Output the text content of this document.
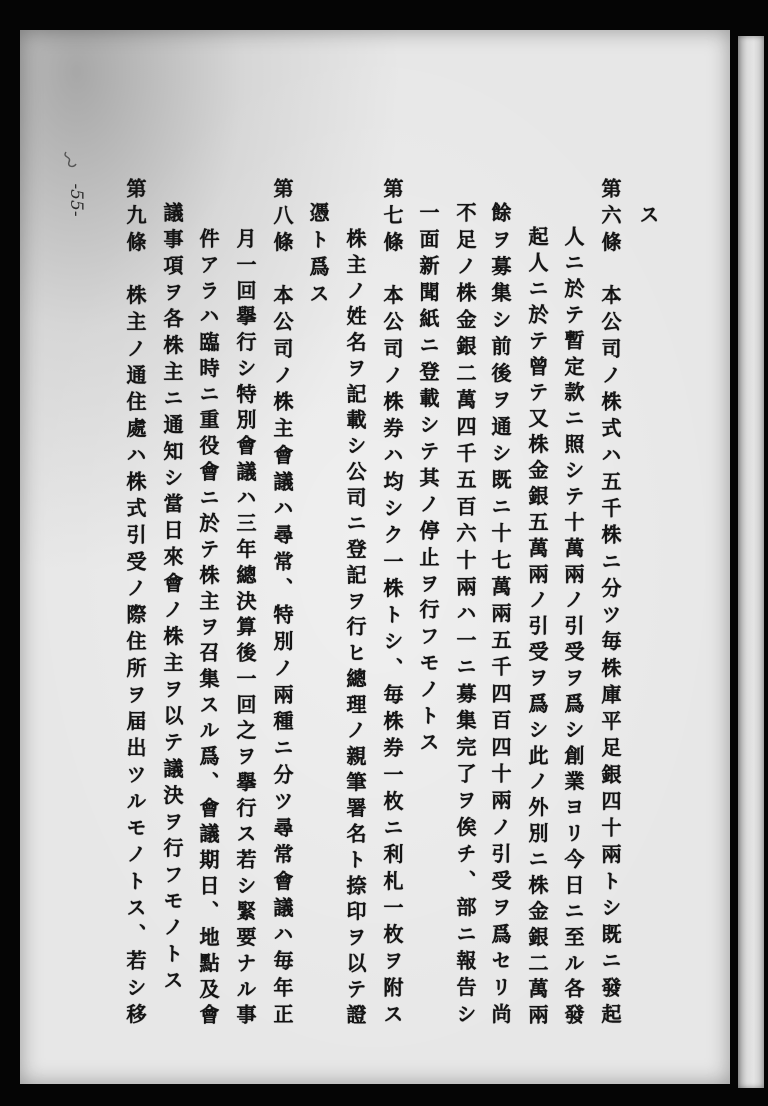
-55-	ス
第六條　本公司ノ株式ハ五千株ニ分ツ毎株庫平足銀四十兩トシ既ニ發起
人ニ於テ暫定款ニ照シテ十萬兩ノ引受ヲ爲シ創業ヨリ今日ニ至ル各發
起人ニ於テ曾テ又株金銀五萬兩ノ引受ヲ爲シ此ノ外別ニ株金銀二萬兩
餘ヲ募集シ前後ヲ通シ既ニ十七萬兩五千四百四十兩ノ引受ヲ爲セリ尚
不足ノ株金銀二萬四千五百六十兩ハ一ニ募集完了ヲ俟チ、部ニ報告シ
一面新聞紙ニ登載シテ其ノ停止ヲ行フモノトス
第七條　本公司ノ株券ハ均シク一株トシ、毎株券一枚ニ利札一枚ヲ附ス
株主ノ姓名ヲ記載シ公司ニ登記ヲ行ヒ總理ノ親筆署名ト捺印ヲ以テ證
憑ト爲ス
第八條　本公司ノ株主會議ハ尋常、特別ノ兩種ニ分ツ尋常會議ハ毎年正
月一回擧行シ特別會議ハ三年總決算後一回之ヲ擧行ス若シ緊要ナル事
件アラハ臨時ニ重役會ニ於テ株主ヲ召集スル爲、會議期日、地點及會
議事項ヲ各株主ニ通知シ當日來會ノ株主ヲ以テ議決ヲ行フモノトス
第九條　株主ノ通住處ハ株式引受ノ際住所ヲ届出ツルモノトス、若シ移
